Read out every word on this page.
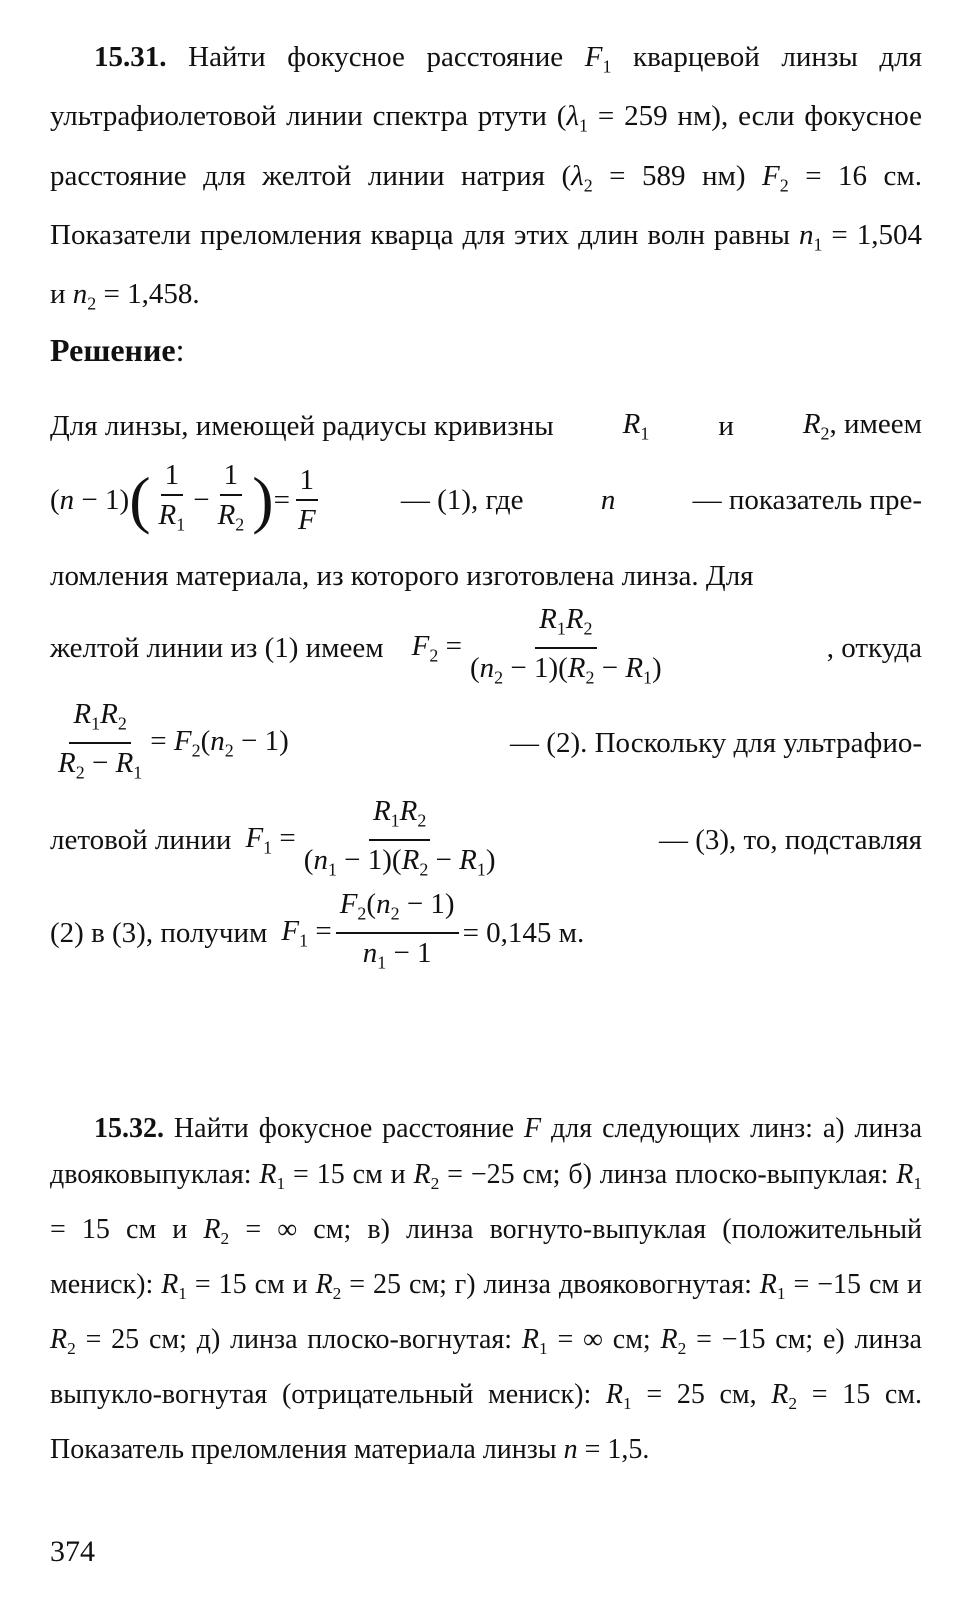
15.31. Найти фокусное расстояние $F_1$ кварцевой линзы для ультрафиолетовой линии спектра ртути ($\lambda_1 = 259$ нм), если фокусное расстояние для желтой линии натрия ($\lambda_2 = 589$ нм) $F_2 = 16$ см. Показатели преломления кварца для этих длин волн равны $n_1 = 1,504$ и $n_2 = 1,458$.
Решение:
Для линзы, имеющей радиусы кривизны $R_1$ и $R_2$, имеем
(n − 1) ( $\frac{1}{R_1} - \frac{1}{R_2}$ ) = $\frac{1}{F}$	— (1), где	n	— показатель пре-
ломления материала, из которого изготовлена линза. Для
желтой линии из (1) имеем $F_2 = \frac{R_1R_2}{(n_2 - 1)(R_2 - R_1)}$	, откуда
$\frac{R_1R_2}{R_2 - R_1} = F_2(n_2 - 1)$	— (2). Поскольку для ультрафио-
летовой линии $F_1 = \frac{R_1R_2}{(n_1 - 1)(R_2 - R_1)}$	— (3), то, подставляя
(2) в (3), получим $F_1 = \frac{F_2(n_2 - 1)}{n_1 - 1} = 0,145$ м.
15.32. Найти фокусное расстояние F для следующих линз: а) линза двояковыпуклая: $R_1 = 15$ см и $R_2 = -25$ см; б) линза плоско-выпуклая: $R_1 = 15$ см и $R_2$ = ∞ см; в) линза вогнуто-выпуклая (положительный мениск): $R_1 = 15$ см и $R_2 = 25$ см; г) линза двояковогнутая: $R_1 = -15$ см и $R_2 = 25$ см; д) линза плоско-вогнутая: $R_1$ = ∞ см; $R_2 = -15$ см; е) линза выпукло-вогнутая (отрицательный мениск): $R_1 = 25$ см, $R_2 = 15$ см. Показатель преломления материала линзы n = 1,5.
374
